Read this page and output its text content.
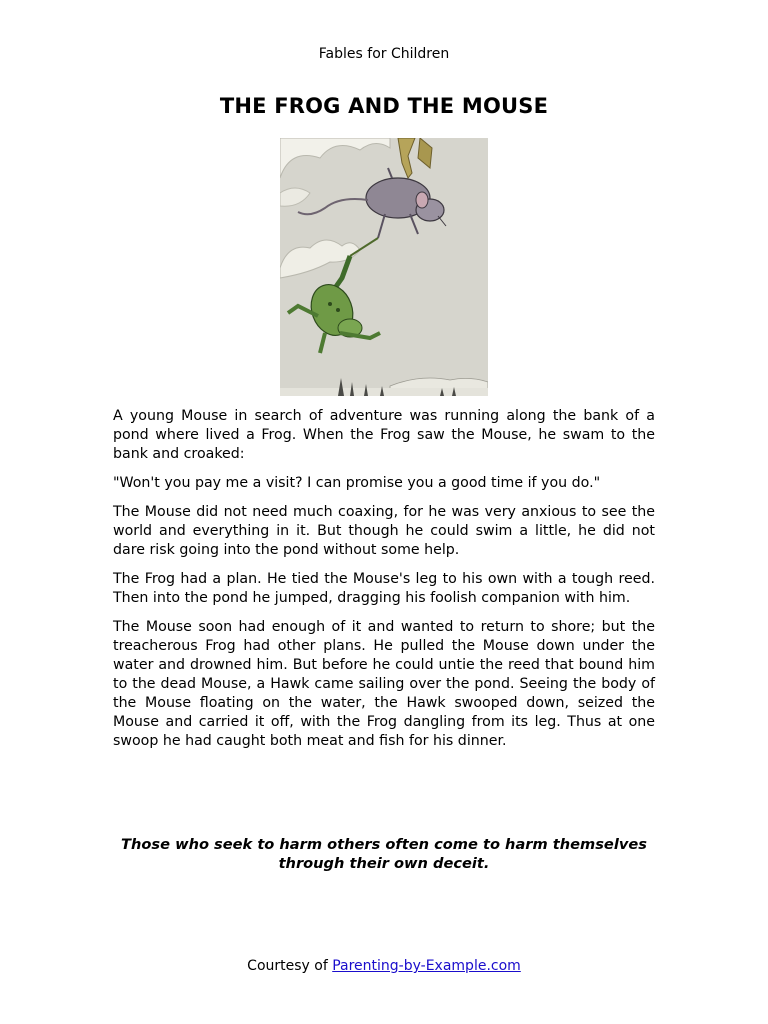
Fables for Children
THE FROG AND THE MOUSE

A young Mouse in search of adventure was running along the bank of a pond where lived a Frog. When the Frog saw the Mouse, he swam to the bank and croaked:

"Won't you pay me a visit? I can promise you a good time if you do."

The Mouse did not need much coaxing, for he was very anxious to see the world and everything in it. But though he could swim a little, he did not dare risk going into the pond without some help.

The Frog had a plan. He tied the Mouse's leg to his own with a tough reed. Then into the pond he jumped, dragging his foolish companion with him.

The Mouse soon had enough of it and wanted to return to shore; but the treacherous Frog had other plans. He pulled the Mouse down under the water and drowned him. But before he could untie the reed that bound him to the dead Mouse, a Hawk came sailing over the pond. Seeing the body of the Mouse floating on the water, the Hawk swooped down, seized the Mouse and carried it off, with the Frog dangling from its leg. Thus at one swoop he had caught both meat and fish for his dinner.

Those who seek to harm others often come to harm themselves
through their own deceit.
Courtesy of Parenting-by-Example.com
